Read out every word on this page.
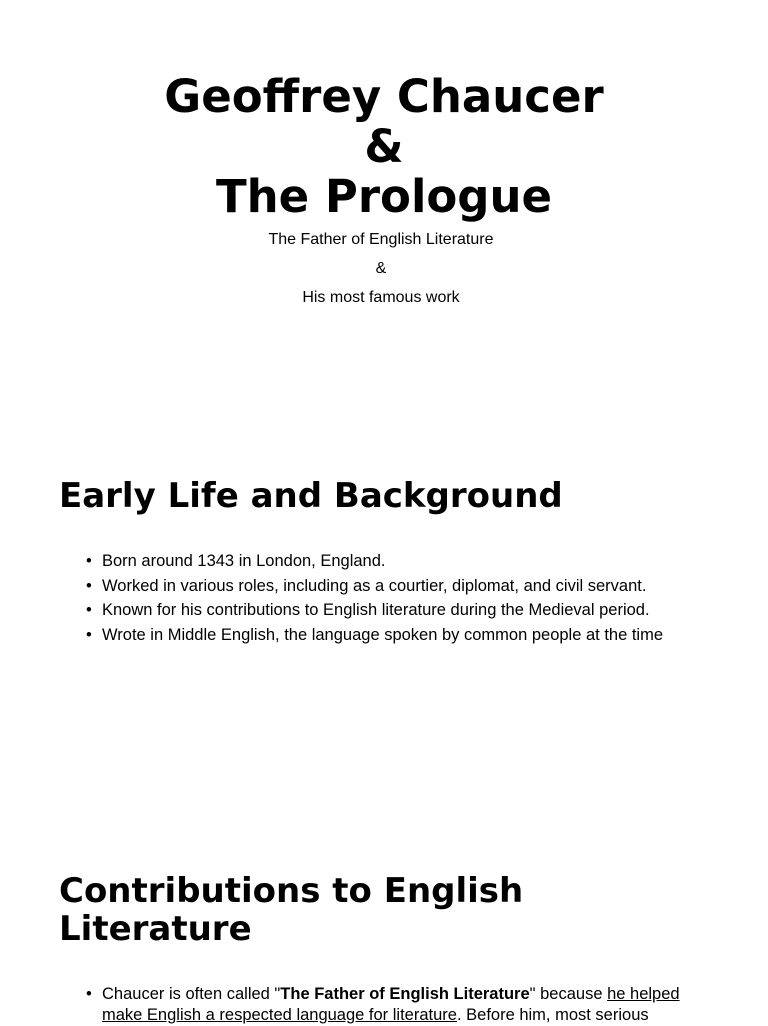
Geoffrey Chaucer
&
The Prologue
The Father of English Literature
&
His most famous work
Early Life and Background
• Born around 1343 in London, England.
• Worked in various roles, including as a courtier, diplomat, and civil servant.
• Known for his contributions to English literature during the Medieval period.
• Wrote in Middle English, the language spoken by common people at the time
Contributions to English
Literature
• Chaucer is often called "The Father of English Literature" because he helped
make English a respected language for literature. Before him, most serious
